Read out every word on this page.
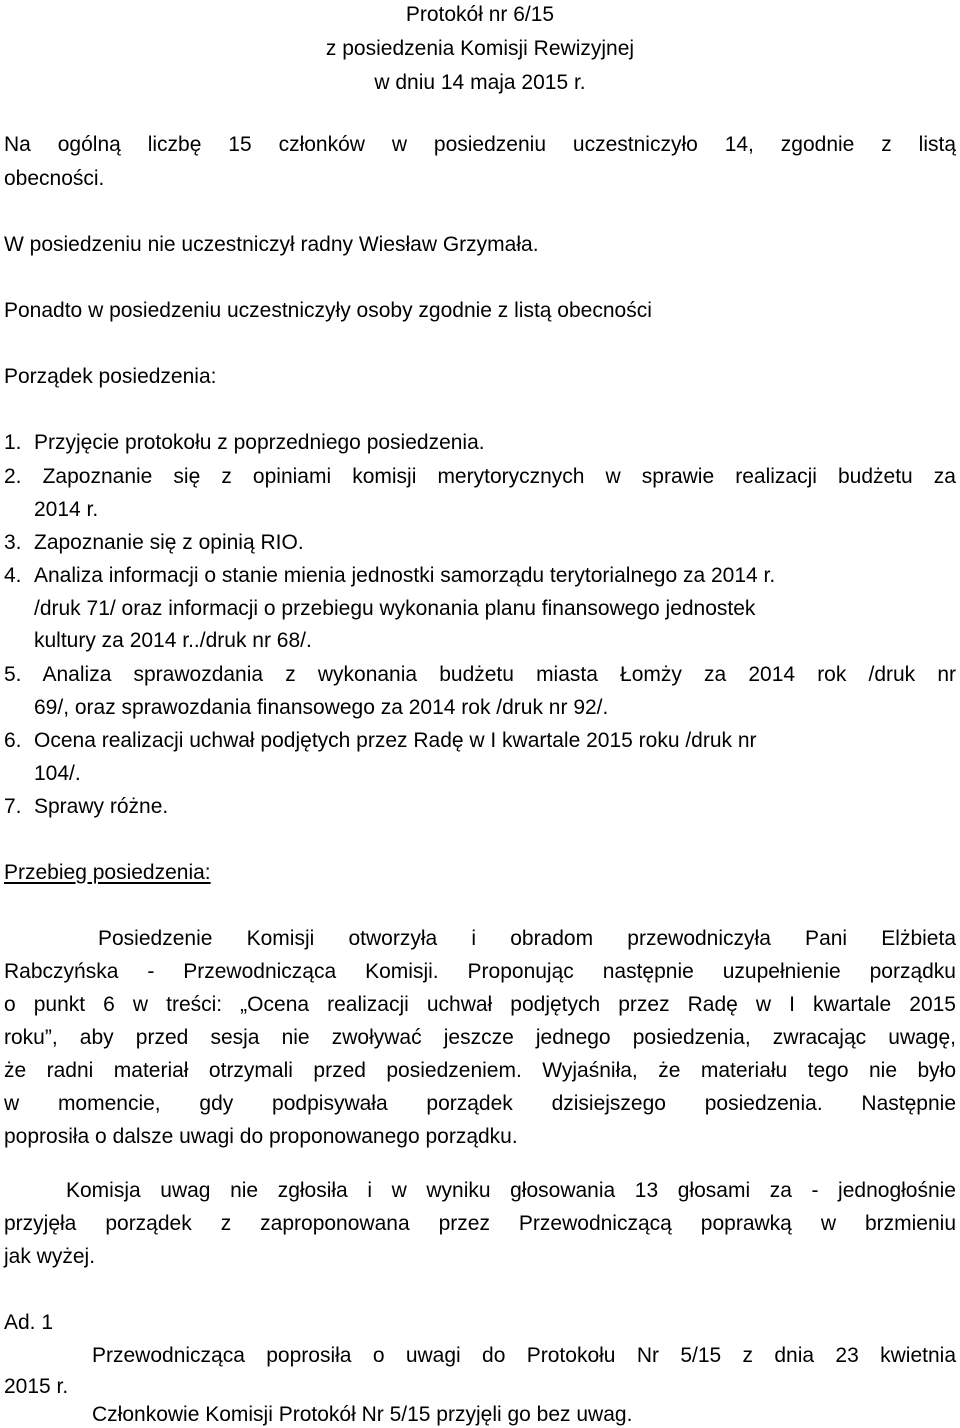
Protokół nr 6/15
z posiedzenia Komisji Rewizyjnej
w dniu 14 maja 2015 r.
Na ogólną liczbę 15 członków w posiedzeniu uczestniczyło 14, zgodnie z listą
obecności.
W posiedzeniu nie uczestniczył radny Wiesław Grzymała.
Ponadto w posiedzeniu uczestniczyły osoby zgodnie z listą obecności
Porządek posiedzenia:
1. Przyjęcie protokołu z poprzedniego posiedzenia.
2. Zapoznanie się z opiniami komisji merytorycznych w sprawie realizacji budżetu za
2014 r.
3. Zapoznanie się z opinią RIO.
4. Analiza informacji o stanie mienia jednostki samorządu terytorialnego za 2014 r.
/druk 71/ oraz informacji o przebiegu wykonania planu finansowego jednostek
kultury za 2014 r../druk nr 68/.
5. Analiza sprawozdania z wykonania budżetu miasta Łomży za 2014 rok /druk nr
69/, oraz sprawozdania finansowego za 2014 rok /druk nr 92/.
6. Ocena realizacji uchwał podjętych przez Radę w I kwartale 2015 roku /druk nr
104/.
7. Sprawy różne.
Przebieg posiedzenia:
Posiedzenie Komisji otworzyła i obradom przewodniczyła Pani Elżbieta
Rabczyńska - Przewodnicząca Komisji. Proponując następnie uzupełnienie porządku
o punkt 6 w treści: „Ocena realizacji uchwał podjętych przez Radę w I kwartale 2015
roku”, aby przed sesja nie zwoływać jeszcze jednego posiedzenia, zwracając uwagę,
że radni materiał otrzymali przed posiedzeniem. Wyjaśniła, że materiału tego nie było
w momencie, gdy podpisywała porządek dzisiejszego posiedzenia. Następnie
poprosiła o dalsze uwagi do proponowanego porządku.
Komisja uwag nie zgłosiła i w wyniku głosowania 13 głosami za - jednogłośnie
przyjęła porządek z zaproponowana przez Przewodniczącą poprawką w brzmieniu
jak wyżej.
Ad. 1
Przewodnicząca poprosiła o uwagi do Protokołu Nr 5/15 z dnia 23 kwietnia
2015 r.
Członkowie Komisji Protokół Nr 5/15 przyjęli go bez uwag.
